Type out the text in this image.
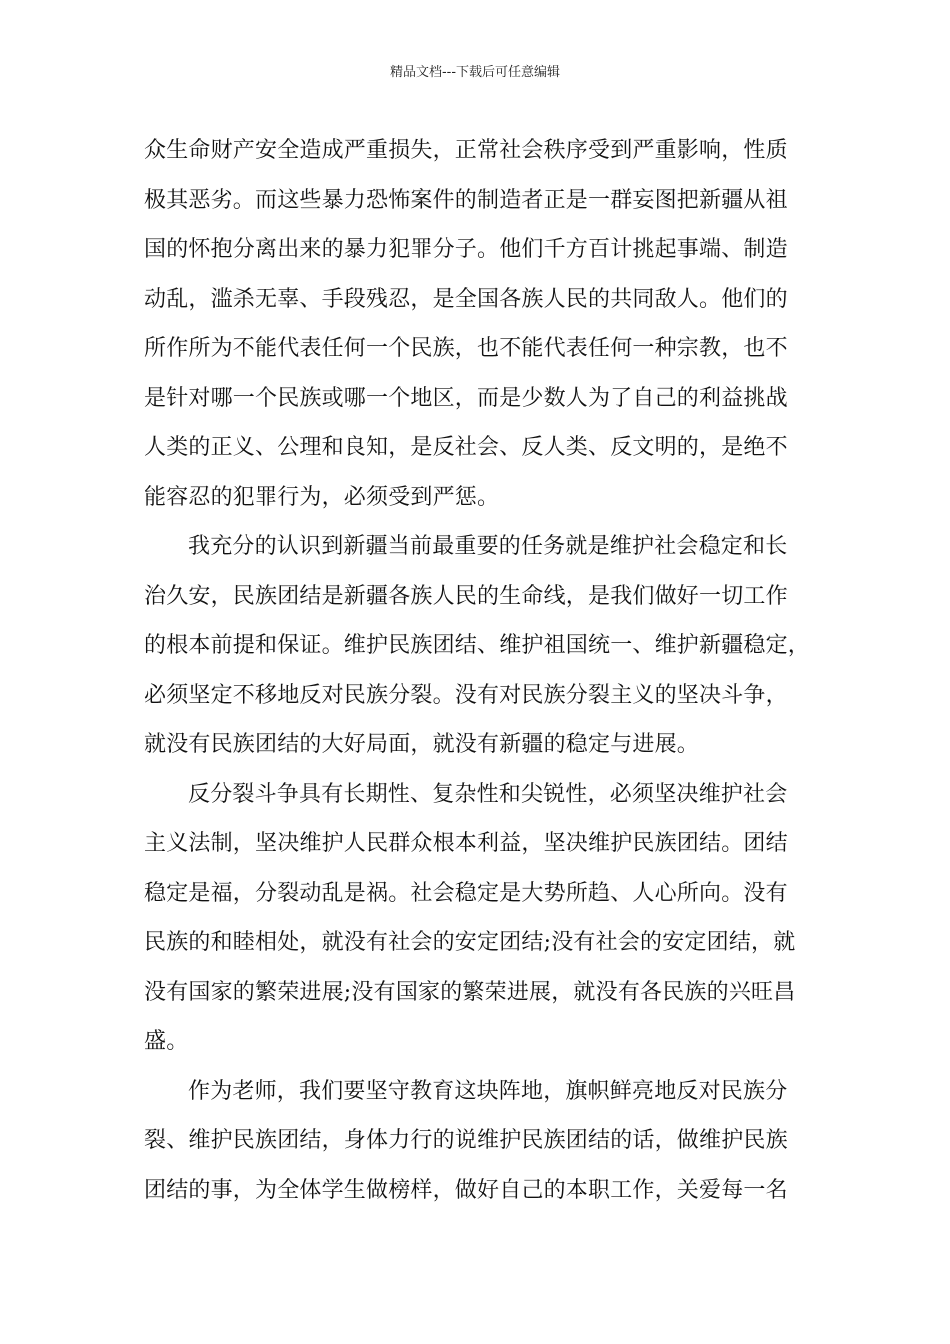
精品文档---下载后可任意编辑
众生命财产安全造成严重损失，正常社会秩序受到严重影响，性质
极其恶劣。而这些暴力恐怖案件的制造者正是一群妄图把新疆从祖
国的怀抱分离出来的暴力犯罪分子。他们千方百计挑起事端、制造
动乱，滥杀无辜、手段残忍，是全国各族人民的共同敌人。他们的
所作所为不能代表任何一个民族，也不能代表任何一种宗教，也不
是针对哪一个民族或哪一个地区，而是少数人为了自己的利益挑战
人类的正义、公理和良知，是反社会、反人类、反文明的，是绝不
能容忍的犯罪行为，必须受到严惩。
我充分的认识到新疆当前最重要的任务就是维护社会稳定和长
治久安，民族团结是新疆各族人民的生命线，是我们做好一切工作
的根本前提和保证。维护民族团结、维护祖国统一、维护新疆稳定，
必须坚定不移地反对民族分裂。没有对民族分裂主义的坚决斗争，
就没有民族团结的大好局面，就没有新疆的稳定与进展。
反分裂斗争具有长期性、复杂性和尖锐性，必须坚决维护社会
主义法制，坚决维护人民群众根本利益，坚决维护民族团结。团结
稳定是福，分裂动乱是祸。社会稳定是大势所趋、人心所向。没有
民族的和睦相处，就没有社会的安定团结;没有社会的安定团结，就
没有国家的繁荣进展;没有国家的繁荣进展，就没有各民族的兴旺昌
盛。
作为老师，我们要坚守教育这块阵地，旗帜鲜亮地反对民族分
裂、维护民族团结，身体力行的说维护民族团结的话，做维护民族
团结的事，为全体学生做榜样，做好自己的本职工作，关爱每一名
